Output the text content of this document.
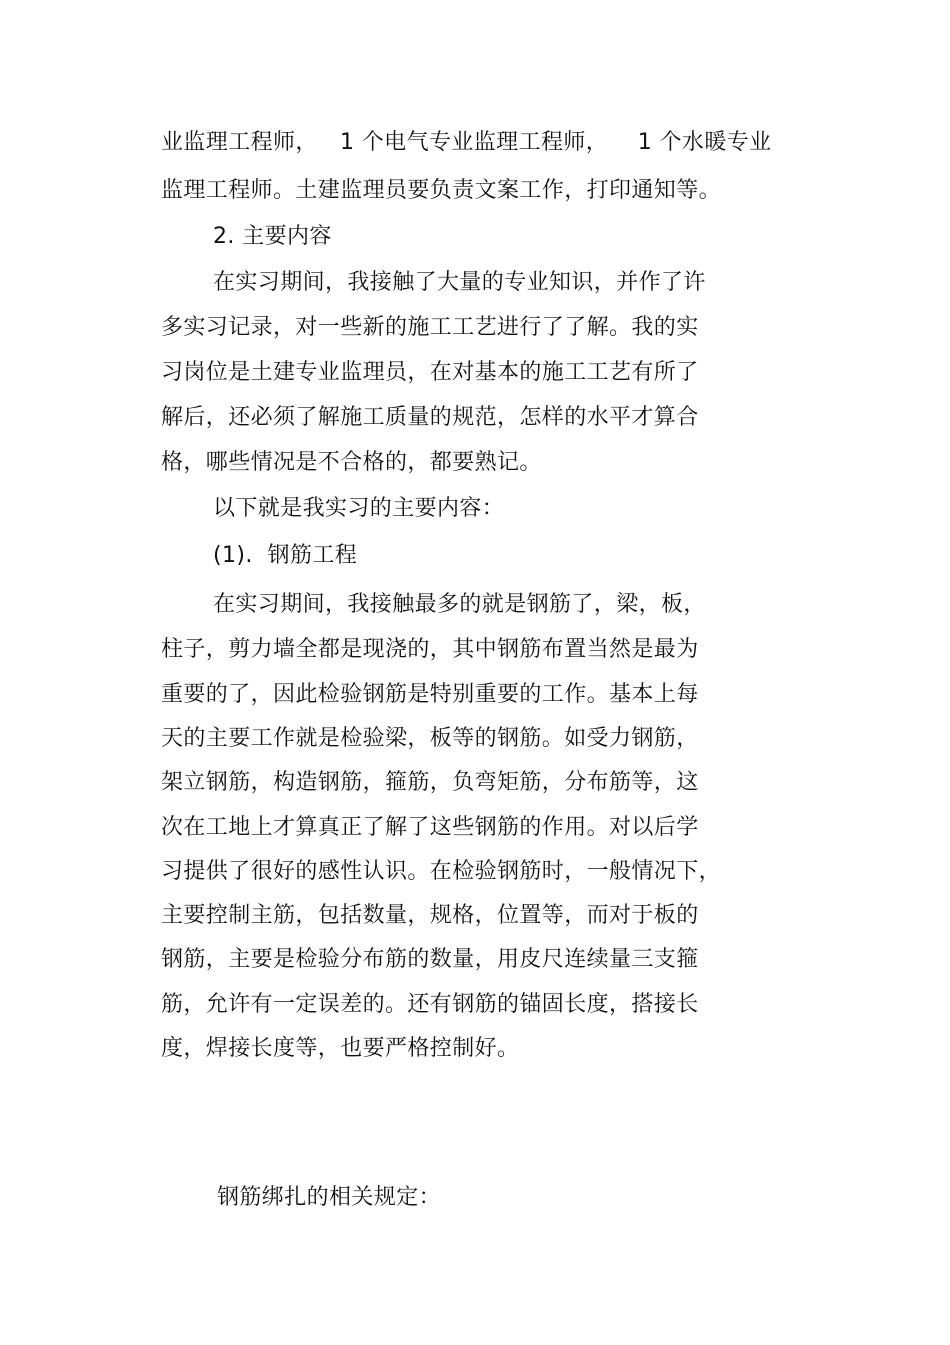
业监理工程师，   1 个电气专业监理工程师，    1 个水暖专业
监理工程师。土建监理员要负责文案工作，打印通知等。
2. 主要内容
在实习期间，我接触了大量的专业知识，并作了许
多实习记录，对一些新的施工工艺进行了了解。我的实
习岗位是土建专业监理员，在对基本的施工工艺有所了
解后，还必须了解施工质量的规范，怎样的水平才算合
格，哪些情况是不合格的，都要熟记。
以下就是我实习的主要内容：
(1).  钢筋工程
在实习期间，我接触最多的就是钢筋了，梁，板，
柱子，剪力墙全都是现浇的，其中钢筋布置当然是最为
重要的了，因此检验钢筋是特别重要的工作。基本上每
天的主要工作就是检验梁，板等的钢筋。如受力钢筋，
架立钢筋，构造钢筋，箍筋，负弯矩筋，分布筋等，这
次在工地上才算真正了解了这些钢筋的作用。对以后学
习提供了很好的感性认识。在检验钢筋时，一般情况下，
主要控制主筋，包括数量，规格，位置等，而对于板的
钢筋，主要是检验分布筋的数量，用皮尺连续量三支箍
筋，允许有一定误差的。还有钢筋的锚固长度，搭接长
度，焊接长度等，也要严格控制好。
钢筋绑扎的相关规定：
